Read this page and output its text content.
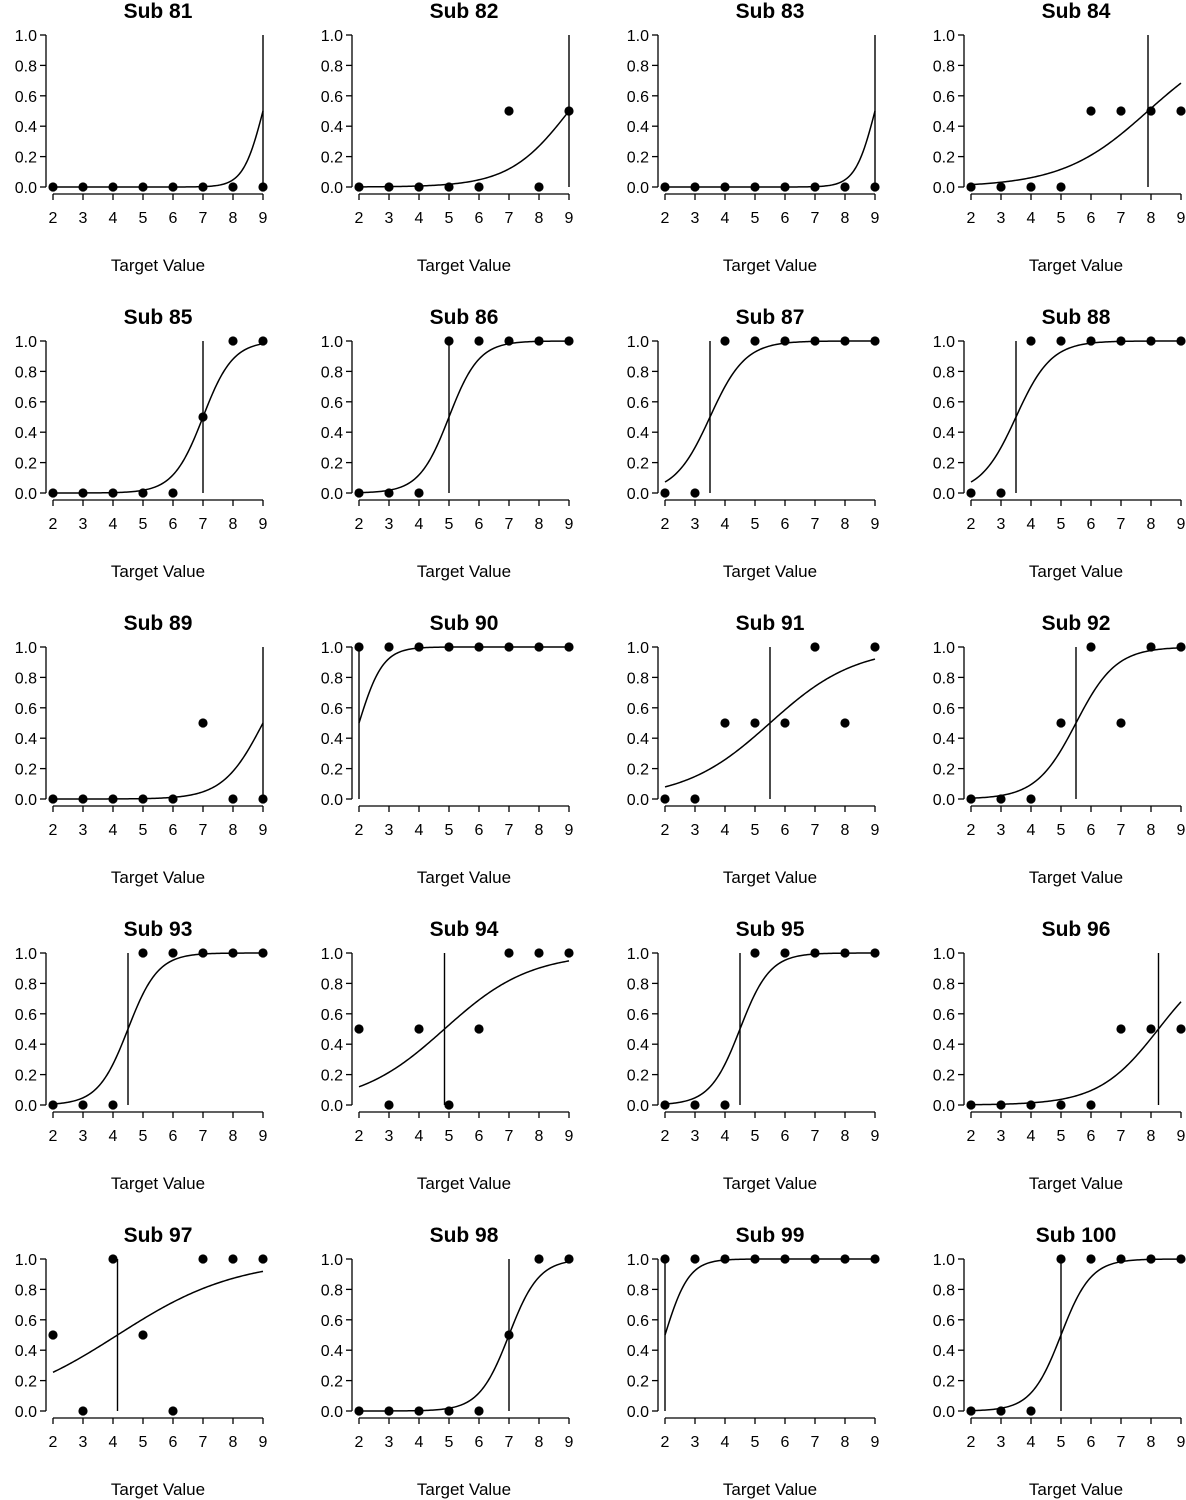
Sub 81
0.0
0.2
0.4
0.6
0.8
1.0
2 3 4 5 6 7 8 9
Target Value
Sub 82
0.0
0.2
0.4
0.6
0.8
1.0
2 3 4 5 6 7 8 9
Target Value
Sub 83
0.0
0.2
0.4
0.6
0.8
1.0
2 3 4 5 6 7 8 9
Target Value
Sub 84
0.0
0.2
0.4
0.6
0.8
1.0
2 3 4 5 6 7 8 9
Target Value
Sub 85
0.0
0.2
0.4
0.6
0.8
1.0
2 3 4 5 6 7 8 9
Target Value
Sub 86
0.0
0.2
0.4
0.6
0.8
1.0
2 3 4 5 6 7 8 9
Target Value
Sub 87
0.0
0.2
0.4
0.6
0.8
1.0
2 3 4 5 6 7 8 9
Target Value
Sub 88
0.0
0.2
0.4
0.6
0.8
1.0
2 3 4 5 6 7 8 9
Target Value
Sub 89
0.0
0.2
0.4
0.6
0.8
1.0
2 3 4 5 6 7 8 9
Target Value
Sub 90
0.0
0.2
0.4
0.6
0.8
1.0
2 3 4 5 6 7 8 9
Target Value
Sub 91
0.0
0.2
0.4
0.6
0.8
1.0
2 3 4 5 6 7 8 9
Target Value
Sub 92
0.0
0.2
0.4
0.6
0.8
1.0
2 3 4 5 6 7 8 9
Target Value
Sub 93
0.0
0.2
0.4
0.6
0.8
1.0
2 3 4 5 6 7 8 9
Target Value
Sub 94
0.0
0.2
0.4
0.6
0.8
1.0
2 3 4 5 6 7 8 9
Target Value
Sub 95
0.0
0.2
0.4
0.6
0.8
1.0
2 3 4 5 6 7 8 9
Target Value
Sub 96
0.0
0.2
0.4
0.6
0.8
1.0
2 3 4 5 6 7 8 9
Target Value
Sub 97
0.0
0.2
0.4
0.6
0.8
1.0
2 3 4 5 6 7 8 9
Target Value
Sub 98
0.0
0.2
0.4
0.6
0.8
1.0
2 3 4 5 6 7 8 9
Target Value
Sub 99
0.0
0.2
0.4
0.6
0.8
1.0
2 3 4 5 6 7 8 9
Target Value
Sub 100
0.0
0.2
0.4
0.6
0.8
1.0
2 3 4 5 6 7 8 9
Target Value
